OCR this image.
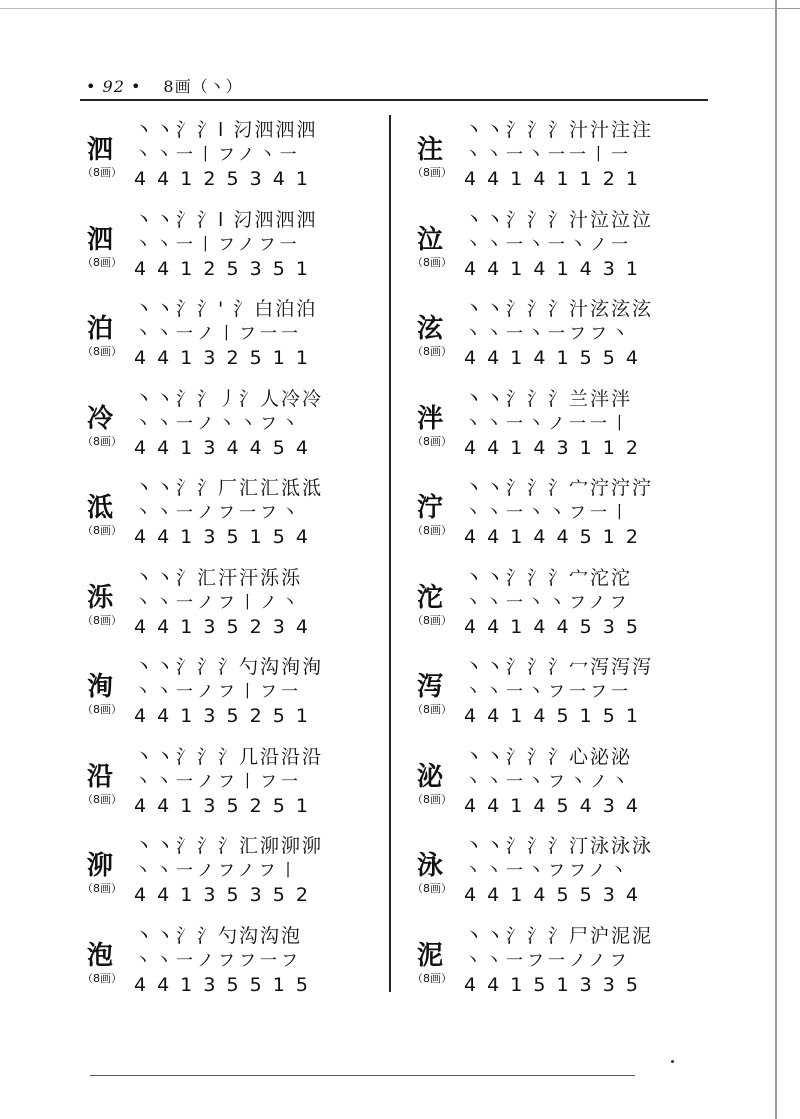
• 92 • 8画（丶）
泗
（8画）
丶丶氵氵l 汈泗泗泗
丶丶一丨フノ丶一
4 4 1 2 5 3 4 1
泗
（8画）
丶丶氵氵l 汈泗泗泗
丶丶一丨フノフ一
4 4 1 2 5 3 5 1
泊
（8画）
丶丶氵氵' 氵白泊泊
丶丶一ノ丨フ一一
4 4 1 3 2 5 1 1
冷
（8画）
丶丶氵氵丿氵人冷冷
丶丶一ノ丶丶フ丶
4 4 1 3 4 4 5 4
泜
（8画）
丶丶氵氵厂汇汇泜泜
丶丶一ノフ一フ丶
4 4 1 3 5 1 5 4
泺
（8画）
丶丶氵汇汗汗泺泺
丶丶一ノフ丨ノ丶
4 4 1 3 5 2 3 4
洵
（8画）
丶丶氵氵氵勺沟洵洵
丶丶一ノフ丨フ一
4 4 1 3 5 2 5 1
沿
（8画）
丶丶氵氵氵几沿沿沿
丶丶一ノフ丨フ一
4 4 1 3 5 2 5 1
泖
（8画）
丶丶氵氵氵汇泖泖泖
丶丶一ノフノフ丨
4 4 1 3 5 3 5 2
泡
（8画）
丶丶氵氵勺沟沟泡
丶丶一ノフフ一フ
4 4 1 3 5 5 1 5
注
（8画）
丶丶氵氵氵汁汁注注
丶丶一丶一一丨一
4 4 1 4 1 1 2 1
泣
（8画）
丶丶氵氵氵汁泣泣泣
丶丶一丶一丶ノ一
4 4 1 4 1 4 3 1
泫
（8画）
丶丶氵氵氵汁泫泫泫
丶丶一丶一フフ丶
4 4 1 4 1 5 5 4
泮
（8画）
丶丶氵氵氵兰泮泮
丶丶一丶ノ一一丨
4 4 1 4 3 1 1 2
泞
（8画）
丶丶氵氵氵宀泞泞泞
丶丶一丶丶フ一丨
4 4 1 4 4 5 1 2
沱
（8画）
丶丶氵氵氵宀沱沱
丶丶一丶丶フノフ
4 4 1 4 4 5 3 5
泻
（8画）
丶丶氵氵氵冖泻泻泻
丶丶一丶フ一フ一
4 4 1 4 5 1 5 1
泌
（8画）
丶丶氵氵氵心泌泌
丶丶一丶フ丶ノ丶
4 4 1 4 5 4 3 4
泳
（8画）
丶丶氵氵氵汀泳泳泳
丶丶一丶フフノ丶
4 4 1 4 5 5 3 4
泥
（8画）
丶丶氵氵氵尸沪泥泥
丶丶一フ一ノノフ
4 4 1 5 1 3 3 5
